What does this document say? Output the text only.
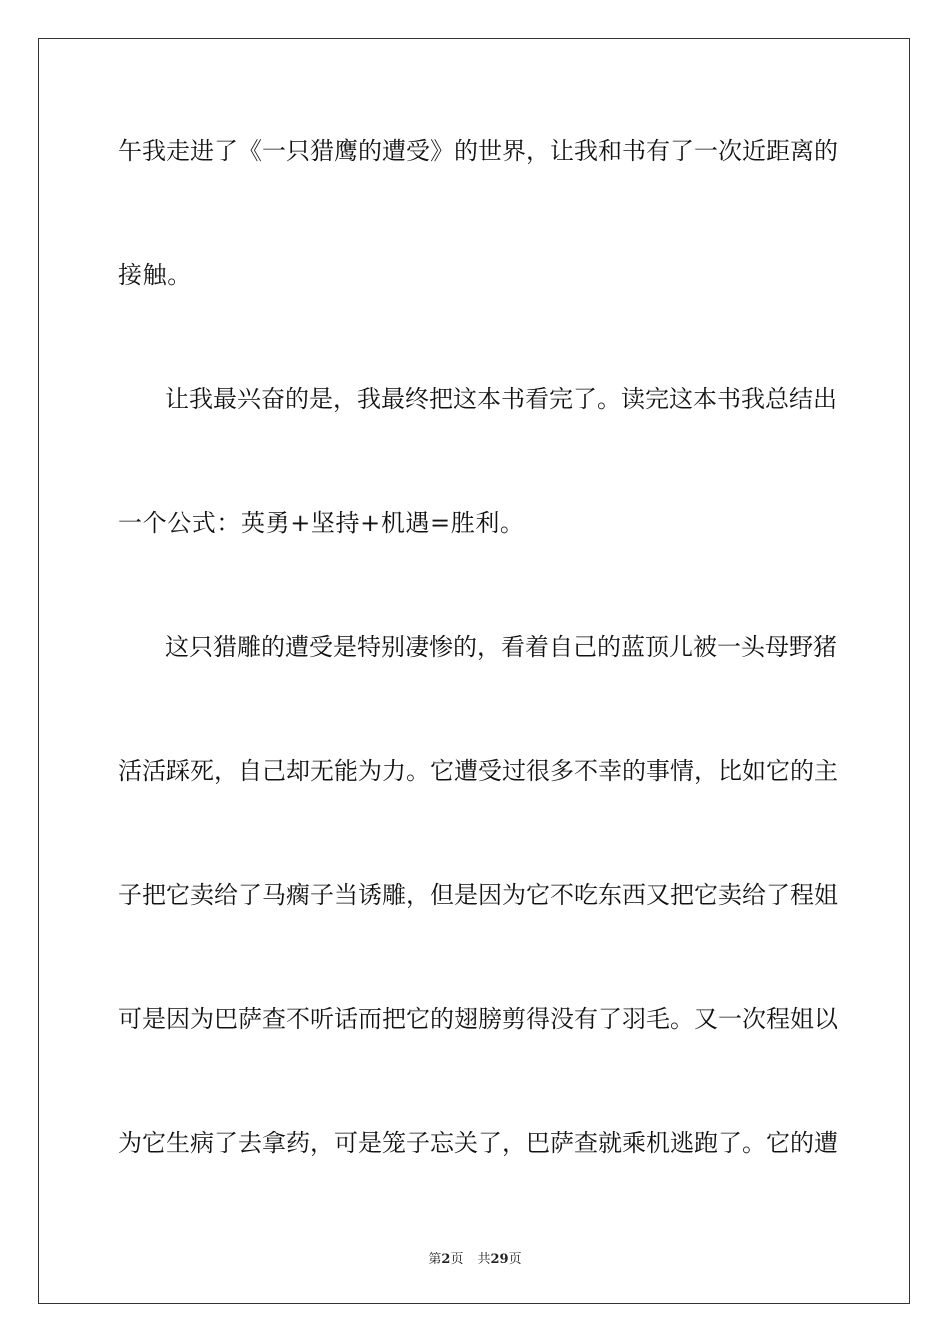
午我走进了《一只猎鹰的遭受》的世界，让我和书有了一次近距离的
接触。
让我最兴奋的是，我最终把这本书看完了。读完这本书我总结出
一个公式：英勇+坚持+机遇=胜利。
这只猎雕的遭受是特别凄惨的，看着自己的蓝顶儿被一头母野猪
活活踩死，自己却无能为力。它遭受过很多不幸的事情，比如它的主
子把它卖给了马瘸子当诱雕，但是因为它不吃东西又把它卖给了程姐
可是因为巴萨查不听话而把它的翅膀剪得没有了羽毛。又一次程姐以
为它生病了去拿药，可是笼子忘关了，巴萨查就乘机逃跑了。它的遭
第2页 共29页
